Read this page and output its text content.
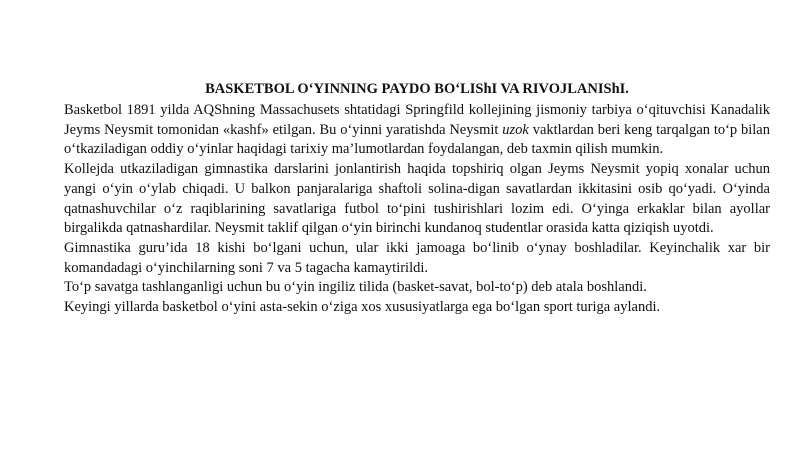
BASKETBOL O‘YINNING PAYDO BO‘LIShI VA RIVOJLANIShI.

Basketbol 1891 yilda AQShning Massachusets shtatidagi Springfild kollejining jismoniy tarbiya o‘qituvchisi Kanadalik Jeyms Neysmit tomonidan «kashf» etilgan. Bu o‘yinni yaratishda Neysmit uzok vaktlardan beri keng tarqalgan to‘p bilan o‘tkaziladigan oddiy o‘yinlar haqidagi tarixiy ma’lumotlardan foydalangan, deb taxmin qilish mumkin.

Kollejda utkaziladigan gimnastika darslarini jonlantirish haqida topshiriq olgan Jeyms Neysmit yopiq xonalar uchun yangi o‘yin o‘ylab chiqadi. U balkon panjaralariga shaftoli solina-digan savatlardan ikkitasini osib qo‘yadi. O‘yinda qatnashuvchilar o‘z raqiblarining savatlariga futbol to‘pini tushirishlari lozim edi. O‘yinga erkaklar bilan ayollar birgalikda qatnashardilar. Neysmit taklif qilgan o‘yin birinchi kundanoq studentlar orasida katta qiziqish uyotdi.

Gimnastika guru’ida 18 kishi bo‘lgani uchun, ular ikki jamoaga bo‘linib o‘ynay boshladilar. Keyinchalik xar bir komandadagi o‘yinchilarning soni 7 va 5 tagacha kamaytirildi.

To‘p savatga tashlanganligi uchun bu o‘yin ingiliz tilida (basket-savat, bol-to‘p) deb atala boshlandi.

Keyingi yillarda basketbol o‘yini asta-sekin o‘ziga xos xususiyatlarga ega bo‘lgan sport turiga aylandi.
